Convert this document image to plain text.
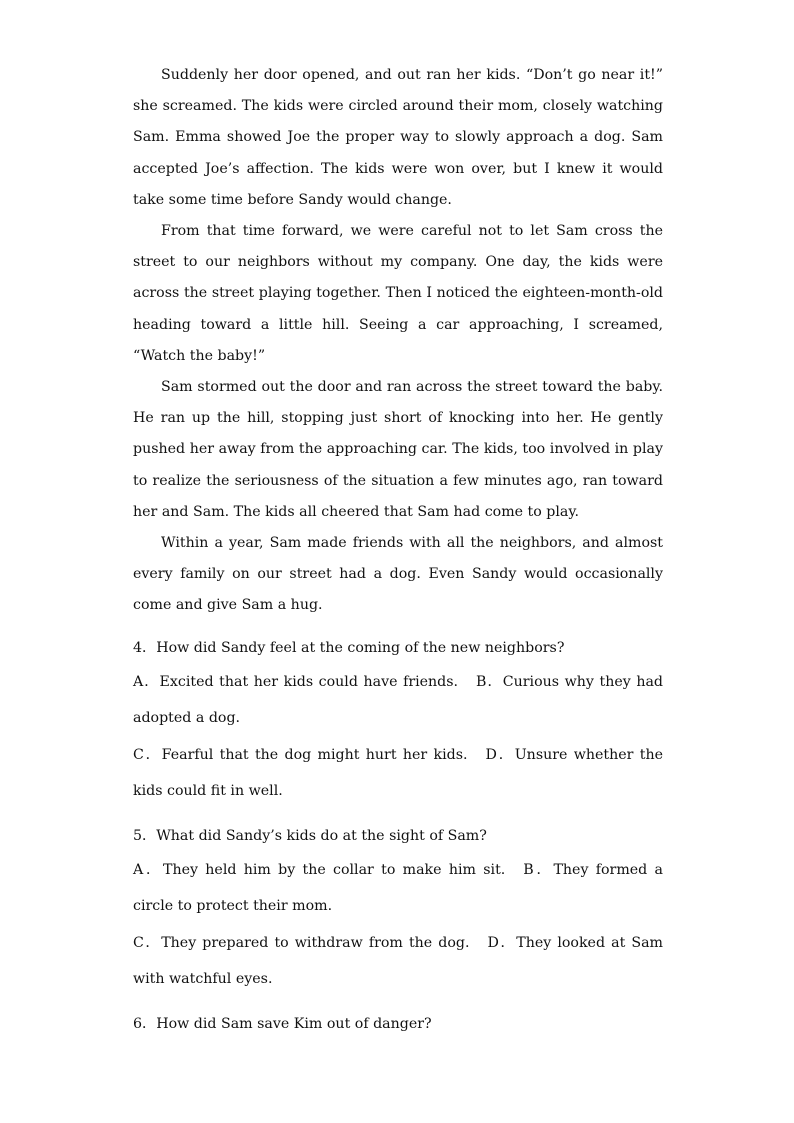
Suddenly her door opened, and out ran her kids. “Don’t go near it!” she screamed. The kids were circled around their mom, closely watching Sam. Emma showed Joe the proper way to slowly approach a dog. Sam accepted Joe’s affection. The kids were won over, but I knew it would take some time before Sandy would change.

From that time forward, we were careful not to let Sam cross the street to our neighbors without my company. One day, the kids were across the street playing together. Then I noticed the eighteen-month-old heading toward a little hill. Seeing a car approaching, I screamed, “Watch the baby!”

Sam stormed out the door and ran across the street toward the baby. He ran up the hill, stopping just short of knocking into her. He gently pushed her away from the approaching car. The kids, too involved in play to realize the seriousness of the situation a few minutes ago, ran toward her and Sam. The kids all cheered that Sam had come to play.

Within a year, Sam made friends with all the neighbors, and almost every family on our street had a dog. Even Sandy would occasionally come and give Sam a hug.

4．How did Sandy feel at the coming of the new neighbors?

A．Excited that her kids could have friends. B．Curious why they had adopted a dog.

C．Fearful that the dog might hurt her kids. D．Unsure whether the kids could fit in well.

5．What did Sandy’s kids do at the sight of Sam?

A．They held him by the collar to make him sit. B．They formed a circle to protect their mom.

C．They prepared to withdraw from the dog. D．They looked at Sam with watchful eyes.

6．How did Sam save Kim out of danger?
